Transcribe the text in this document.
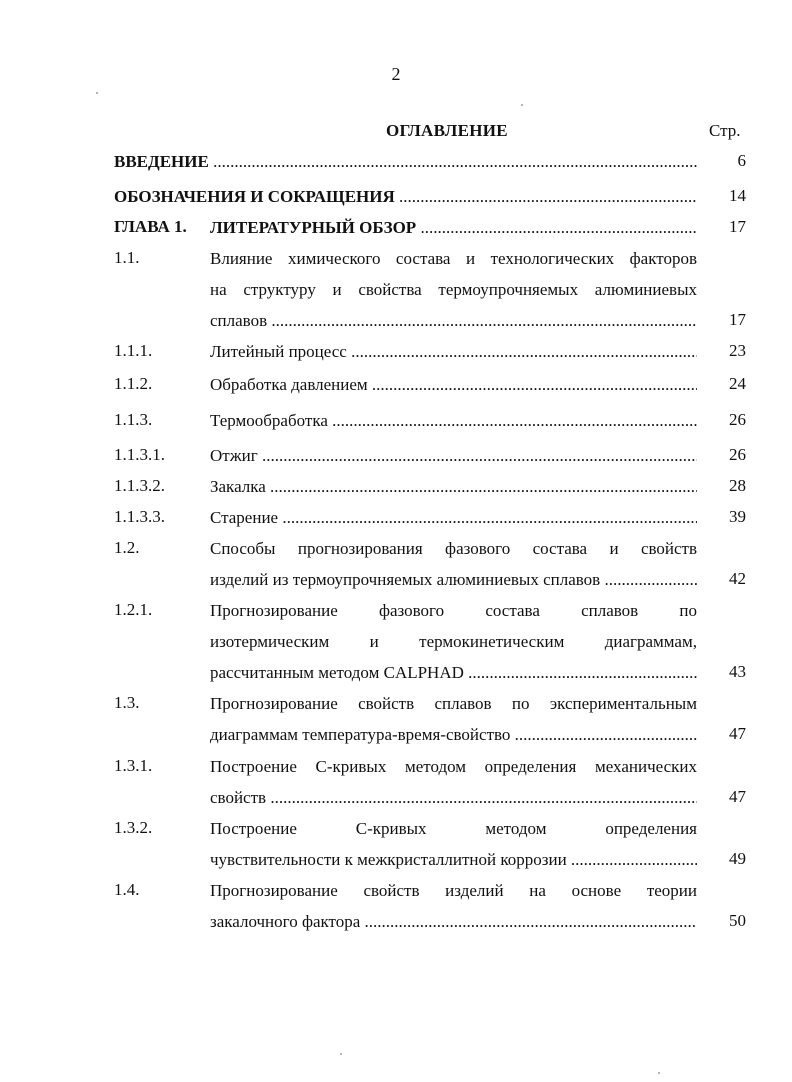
2
ОГЛАВЛЕНИЕ	Стр.
ВВЕДЕНИЕ .....	6
ОБОЗНАЧЕНИЯ И СОКРАЩЕНИЯ .....	14
ГЛАВА 1. ЛИТЕРАТУРНЫЙ ОБЗОР .....	17
1.1.	Влияние химического состава и технологических факторов
на структуру и свойства термоупрочняемых алюминиевых
сплавов .....	17
1.1.1.	Литейный процесс .....	23
1.1.2.	Обработка давлением .....	24
1.1.3.	Термообработка .....	26
1.1.3.1.	Отжиг .....	26
1.1.3.2.	Закалка .....	28
1.1.3.3.	Старение .....	39
1.2.	Способы прогнозирования фазового состава и свойств
изделий из термоупрочняемых алюминиевых сплавов .....	42
1.2.1.	Прогнозирование фазового состава сплавов по
изотермическим и термокинетическим диаграммам,
рассчитанным методом CALPHAD .....	43
1.3.	Прогнозирование свойств сплавов по экспериментальным
диаграммам температура-время-свойство .....	47
1.3.1.	Построение С-кривых методом определения механических
свойств .....	47
1.3.2.	Построение С-кривых методом определения
чувствительности к межкристаллитной коррозии .....	49
1.4.	Прогнозирование свойств изделий на основе теории
закалочного фактора .....	50
